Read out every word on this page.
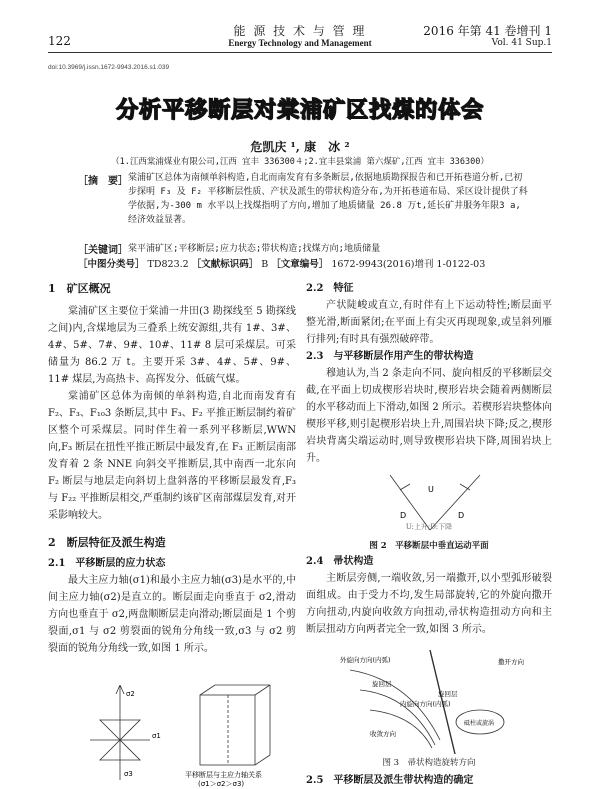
122
能 源 技 术 与 管 理
Energy Technology and Management
2016 年第 41 卷增刊 1
Vol. 41 Sup.1
doi:10.3969/j.issn.1672-9943.2016.s1.039
分析平移断层对棠浦矿区找煤的体会
危凯庆 ¹, 康　冰 ²
（1.江西棠浦煤业有限公司,江西 宜丰 336300４;2.宜丰县棠浦 第六煤矿,江西 宜丰 336300）
［摘　要］ 棠浦矿区总体为南倾单斜构造,自北而南发育有多条断层,依据地质勘探报告和已开拓巷道分析,已初步探明 F₃ 及 F₂ 平移断层性质、产状及派生的带状构造分布,为开拓巷道布局、采区设计提供了科学依据,为-300 m 水平以上找煤指明了方向,增加了地质储量 26.8 万t,延长矿井服务年限3 a,经济效益显著。
［关键词］ 棠平浦矿区;平移断层;应力状态;带状构造;找煤方向;地质储量
［中图分类号］ TD823.2 ［文献标识码］ B ［文章编号］ 1672-9943(2016)增刊 1-0122-03
1　矿区概况

棠浦矿区主要位于棠浦一井田(3 勘探线至 5 勘探线之间)内,含煤地层为三叠系上统安源组,共有 1#、3#、4#、5#、7#、9#、10#、11# 8 层可采煤层。可采储量为 86.2 万 t。主要开采 3#、4#、5#、9#、11# 煤层,为高热卡、高挥发分、低硫气煤。

棠浦矿区总体为南倾的单斜构造,自北而南发育有 F₂、F₃、F₁₀3 条断层,其中 F₃、F₂ 平推正断层制约着矿区整个可采煤层。同时伴生着一系列平移断层,WWN 向,F₃ 断层在扭性平推正断层中最发育,在 F₃ 正断层南部发育着 2 条 NNE 向斜交平推断层,其中南西一北东向 F₂ 断层与地层走向斜切上盘斜落的平移断层最发育,F₃ 与 F₂₂ 平推断层相交,严重制约该矿区南部煤层发育,对开采影响较大。

2　断层特征及派生构造
2.1　平移断层的应力状态

最大主应力轴(σ1)和最小主应力轴(σ3)是水平的,中间主应力轴(σ2)是直立的。断层面走向垂直于 σ2,滑动方向也垂直于 σ2,两盘顺断层走向滑动;断层面是 1 个剪裂面,σ1 与 σ2 剪裂面的锐角分角线一致,σ3 与 σ2 剪裂面的锐角分角线一致,如图 1 所示。

σ2
σ1
σ3	平移断层与主应力轴关系
(σ1＞σ2＞σ3)
2.2　特征

产状陡峻或直立,有时伴有上下运动特性;断层面平整光滑,断面紧闭;在平面上有尖灭再现现象,或呈斜列雁行排列;有时具有强烈破碎带。

2.3　与平移断层作用产生的带状构造

穆迪认为,当 2 条走向不同、旋向相反的平移断层交截,在平面上切成楔形岩块时,楔形岩块会随着两侧断层的水平移动而上下滑动,如图 2 所示。若楔形岩块整体向楔形平移,则引起楔形岩块上升,周围岩块下降;反之,楔形岩块背离尖端运动时,则导致楔形岩块下降,周围岩块上升。

U
D	D
U:上升;D:下降
图 2　平移断层中垂直运动平面
2.4　帚状构造

主断层旁侧,一端收敛,另一端撒开,以小型弧形破裂面组成。由于受力不均,发生局部旋转,它的外旋向撒开方向扭动,内旋向收敛方向扭动,帚状构造扭动方向和主断层扭动方向两者完全一致,如图 3 所示。

外旋向方向(内弧)
旋回层
旋回层
内旋向方向(内弧)
收敛方向
撒开方向
砥柱或旋涡
图 3　帚状构造旋转方向
2.5　平移断层及派生带状构造的确定
